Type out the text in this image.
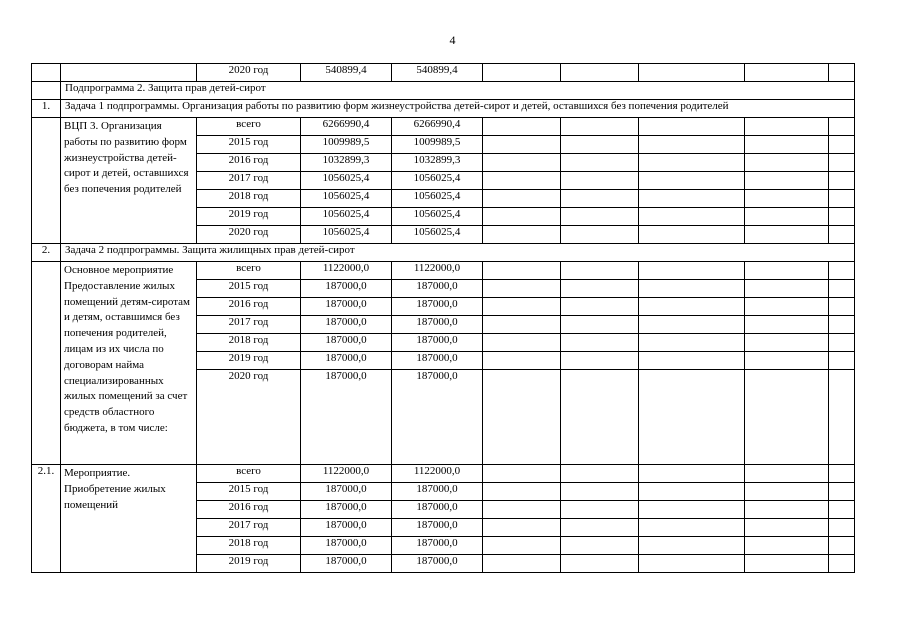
4
		2020 год	540899,4	540899,4					
	Подпрограмма 2. Защита прав детей-сирот								
1.	Задача 1 подпрограммы. Организация работы по развитию форм жизнеустройства детей-сирот и детей, оставшихся без попечения родителей								
	ВЦП 3. Организация работы по развитию форм жизнеустройства детей-сирот и детей, оставшихся без попечения родителей	всего	6266990,4	6266990,4					
		2015 год	1009989,5	1009989,5					
		2016 год	1032899,3	1032899,3					
		2017 год	1056025,4	1056025,4					
		2018 год	1056025,4	1056025,4					
		2019 год	1056025,4	1056025,4					
		2020 год	1056025,4	1056025,4					
2.	Задача 2 подпрограммы. Защита жилищных прав детей-сирот								
	Основное мероприятие Предоставление жилых помещений детям-сиротам и детям, оставшимся без попечения родителей, лицам из их числа по договорам найма специализированных жилых помещений за счет средств областного бюджета, в том числе:	всего	1122000,0	1122000,0					
		2015 год	187000,0	187000,0					
		2016 год	187000,0	187000,0					
		2017 год	187000,0	187000,0					
		2018 год	187000,0	187000,0					
		2019 год	187000,0	187000,0					
		2020 год	187000,0	187000,0					
2.1.	Мероприятие. Приобретение жилых помещений	всего	1122000,0	1122000,0					
		2015 год	187000,0	187000,0					
		2016 год	187000,0	187000,0					
		2017 год	187000,0	187000,0					
		2018 год	187000,0	187000,0					
		2019 год	187000,0	187000,0					
